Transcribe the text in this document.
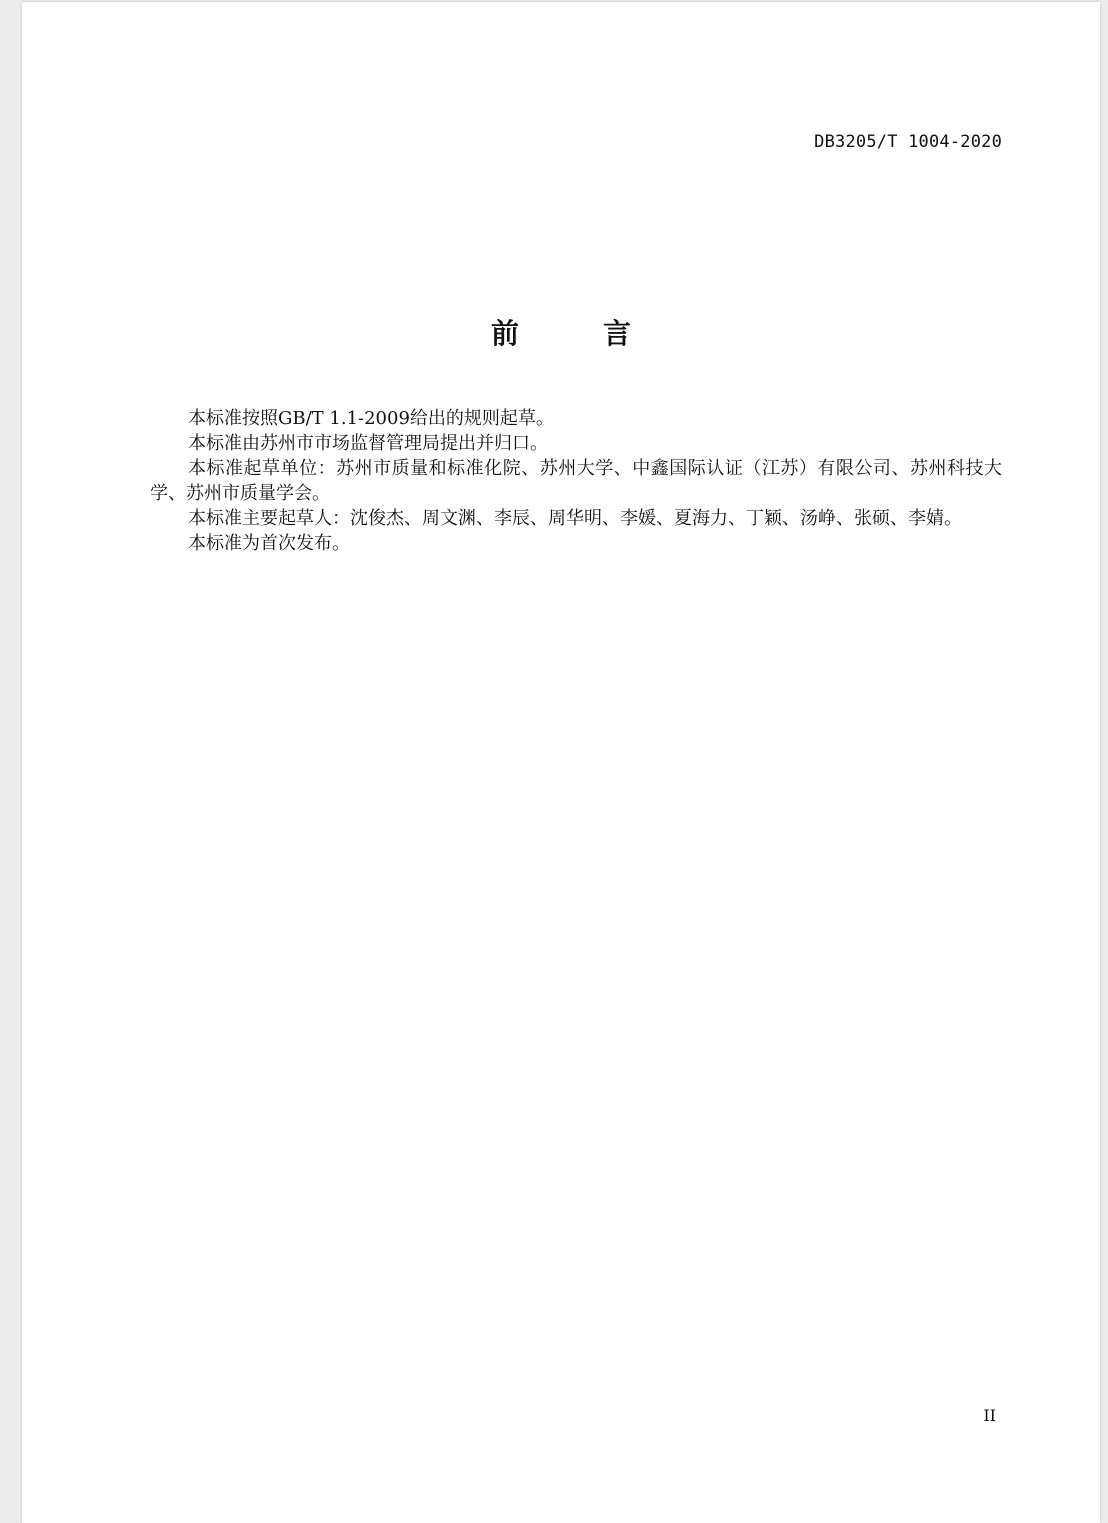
DB3205/T 1004-2020
前　言

本标准按照GB/T 1.1-2009给出的规则起草。

本标准由苏州市市场监督管理局提出并归口。

本标准起草单位：苏州市质量和标准化院、苏州大学、中鑫国际认证（江苏）有限公司、苏州科技大学、苏州市质量学会。

本标准主要起草人：沈俊杰、周文渊、李辰、周华明、李媛、夏海力、丁颖、汤峥、张硕、李婧。

本标准为首次发布。

II
